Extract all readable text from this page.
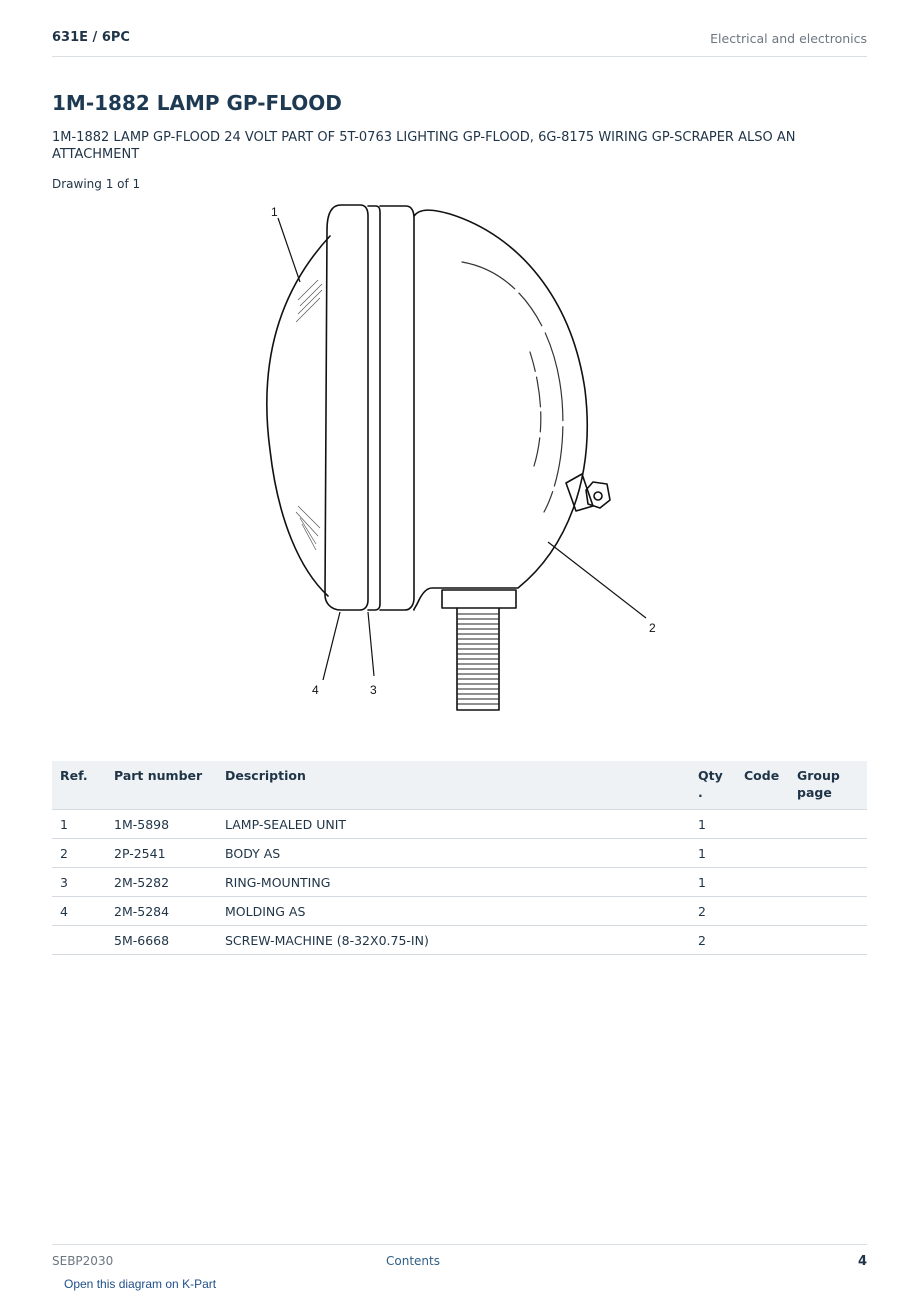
631E / 6PC	Electrical and electronics
1M-1882 LAMP GP-FLOOD

1M-1882 LAMP GP-FLOOD 24 VOLT PART OF 5T-0763 LIGHTING GP-FLOOD, 6G-8175 WIRING GP-SCRAPER ALSO AN ATTACHMENT

Drawing 1 of 1
1
2
3
4
Ref.	Part number	Description	Qty .	Code	Group page
1	1M-5898	LAMP-SEALED UNIT	1		
2	2P-2541	BODY AS	1		
3	2M-5282	RING-MOUNTING	1		
4	2M-5284	MOLDING AS	2		
	5M-6668	SCREW-MACHINE (8-32X0.75-IN)	2		
SEBP2030	Contents	4
Open this diagram on K-Part
